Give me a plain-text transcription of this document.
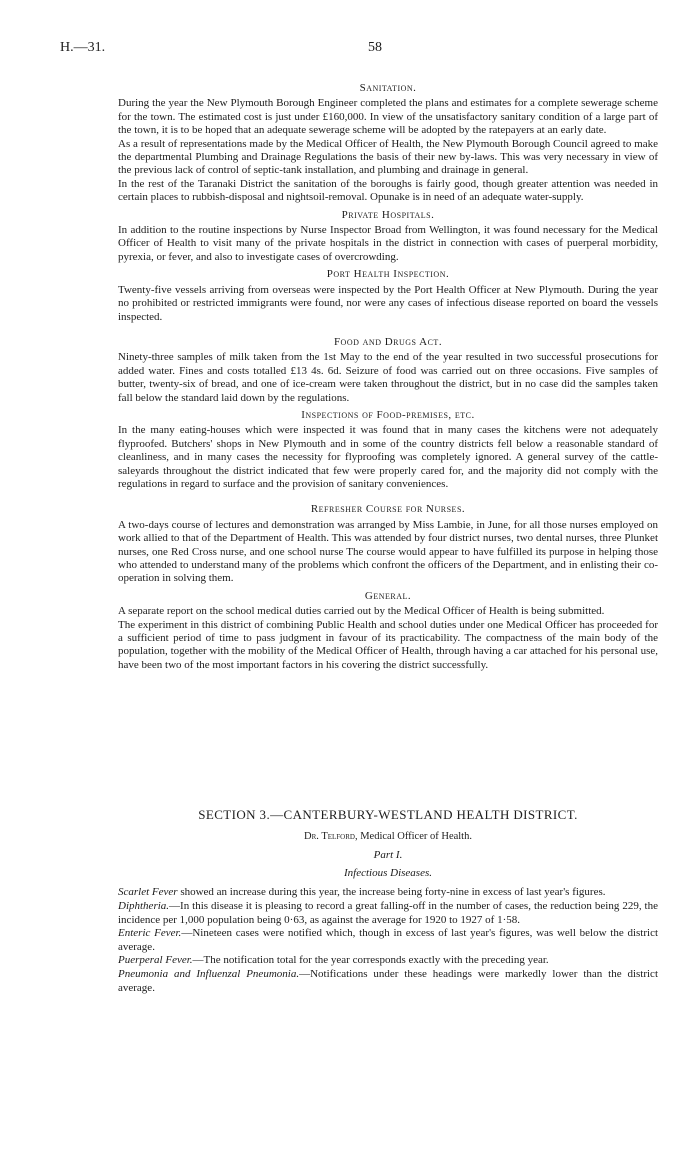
H.—31.	58
Sanitation.

During the year the New Plymouth Borough Engineer completed the plans and estimates for a complete sewerage scheme for the town. The estimated cost is just under £160,000. In view of the unsatisfactory sanitary condition of a large part of the town, it is to be hoped that an adequate sewerage scheme will be adopted by the ratepayers at an early date.

As a result of representations made by the Medical Officer of Health, the New Plymouth Borough Council agreed to make the departmental Plumbing and Drainage Regulations the basis of their new by-laws. This was very necessary in view of the previous lack of control of septic-tank installation, and plumbing and drainage in general.

In the rest of the Taranaki District the sanitation of the boroughs is fairly good, though greater attention was needed in certain places to rubbish-disposal and nightsoil-removal. Opunake is in need of an adequate water-supply.

Private Hospitals.

In addition to the routine inspections by Nurse Inspector Broad from Wellington, it was found necessary for the Medical Officer of Health to visit many of the private hospitals in the district in connection with cases of puerperal morbidity, pyrexia, or fever, and also to investigate cases of overcrowding.

Port Health Inspection.

Twenty-five vessels arriving from overseas were inspected by the Port Health Officer at New Plymouth. During the year no prohibited or restricted immigrants were found, nor were any cases of infectious disease reported on board the vessels inspected.

Food and Drugs Act.

Ninety-three samples of milk taken from the 1st May to the end of the year resulted in two successful prosecutions for added water. Fines and costs totalled £13 4s. 6d. Seizure of food was carried out on three occasions. Five samples of butter, twenty-six of bread, and one of ice-cream were taken throughout the district, but in no case did the samples taken fall below the standard laid down by the regulations.

Inspections of Food-premises, etc.

In the many eating-houses which were inspected it was found that in many cases the kitchens were not adequately flyproofed. Butchers' shops in New Plymouth and in some of the country districts fell below a reasonable standard of cleanliness, and in many cases the necessity for flyproofing was completely ignored. A general survey of the cattle-saleyards throughout the district indicated that few were properly cared for, and the majority did not comply with the regulations in regard to surface and the provision of sanitary conveniences.

Refresher Course for Nurses.

A two-days course of lectures and demonstration was arranged by Miss Lambie, in June, for all those nurses employed on work allied to that of the Department of Health. This was attended by four district nurses, two dental nurses, three Plunket nurses, one Red Cross nurse, and one school nurse The course would appear to have fulfilled its purpose in helping those who attended to understand many of the problems which confront the officers of the Department, and in enlisting their co-operation in solving them.

General.

A separate report on the school medical duties carried out by the Medical Officer of Health is being submitted.

The experiment in this district of combining Public Health and school duties under one Medical Officer has proceeded for a sufficient period of time to pass judgment in favour of its practicability. The compactness of the main body of the population, together with the mobility of the Medical Officer of Health, through having a car attached for his personal use, have been two of the most important factors in his covering the district successfully.

SECTION 3.—CANTERBURY-WESTLAND HEALTH DISTRICT.
Dr. Telford, Medical Officer of Health.
Part I.
Infectious Diseases.

Scarlet Fever showed an increase during this year, the increase being forty-nine in excess of last year's figures.

Diphtheria.—In this disease it is pleasing to record a great falling-off in the number of cases, the reduction being 229, the incidence per 1,000 population being 0·63, as against the average for 1920 to 1927 of 1·58.

Enteric Fever.—Nineteen cases were notified which, though in excess of last year's figures, was well below the district average.

Puerperal Fever.—The notification total for the year corresponds exactly with the preceding year.

Pneumonia and Influenzal Pneumonia.—Notifications under these headings were markedly lower than the district average.
